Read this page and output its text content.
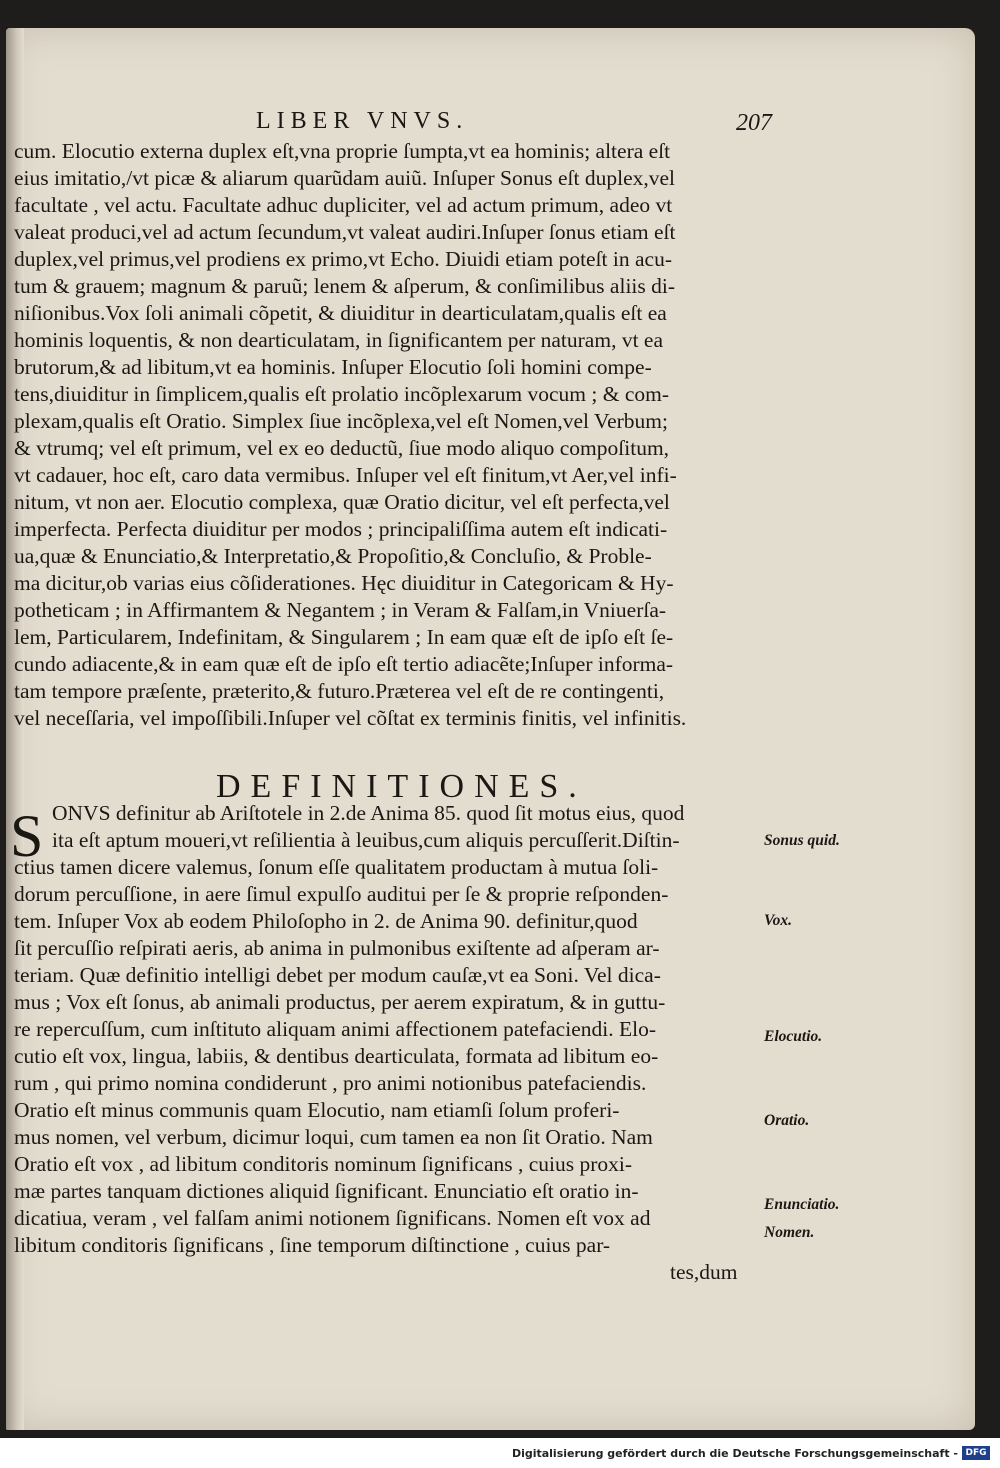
LIBER VNVS.	207
cum. Elocutio externa duplex eſt,vna proprie ſumpta,vt ea hominis; altera eſt
eius imitatio,/vt picæ & aliarum quarũdam auiũ. Inſuper Sonus eſt duplex,vel
facultate , vel actu. Facultate adhuc dupliciter, vel ad actum primum, adeo vt
valeat produci,vel ad actum ſecundum,vt valeat audiri.Inſuper ſonus etiam eſt
duplex,vel primus,vel prodiens ex primo,vt Echo. Diuidi etiam poteſt in acu-
tum & grauem; magnum & paruũ; lenem & aſperum, & conſimilibus aliis di-
niſionibus.Vox ſoli animali cõpetit, & diuiditur in dearticulatam,qualis eſt ea
hominis loquentis, & non dearticulatam, in ſignificantem per naturam, vt ea
brutorum,& ad libitum,vt ea hominis. Inſuper Elocutio ſoli homini compe-
tens,diuiditur in ſimplicem,qualis eſt prolatio incõplexarum vocum ; & com-
plexam,qualis eſt Oratio. Simplex ſiue incõplexa,vel eſt Nomen,vel Verbum;
& vtrumq; vel eſt primum, vel ex eo deductũ, ſiue modo aliquo compoſitum,
vt cadauer, hoc eſt, caro data vermibus. Inſuper vel eſt finitum,vt Aer,vel infi-
nitum, vt non aer. Elocutio complexa, quæ Oratio dicitur, vel eſt perfecta,vel
imperfecta. Perfecta diuiditur per modos ; principaliſſima autem eſt indicati-
ua,quæ & Enunciatio,& Interpretatio,& Propoſitio,& Concluſio, & Proble-
ma dicitur,ob varias eius cõſiderationes. Hęc diuiditur in Categoricam & Hy-
potheticam ; in Affirmantem & Negantem ; in Veram & Falſam,in Vniuerſa-
lem, Particularem, Indefinitam, & Singularem ; In eam quæ eſt de ipſo eſt ſe-
cundo adiacente,& in eam quæ eſt de ipſo eſt tertio adiacẽte;Inſuper informa-
tam tempore præſente, præterito,& futuro.Præterea vel eſt de re contingenti,
vel neceſſaria, vel impoſſibili.Inſuper vel cõſtat ex terminis finitis, vel infinitis.
DEFINITIONES.
S ONVS definitur ab Ariſtotele in 2.de Anima 85. quod ſit motus eius, quod
ita eſt aptum moueri,vt reſilientia à leuibus,cum aliquis percuſſerit.Diſtin-
ctius tamen dicere valemus, ſonum eſſe qualitatem productam à mutua ſoli-
dorum percuſſione, in aere ſimul expulſo auditui per ſe & proprie reſponden-
tem. Inſuper Vox ab eodem Philoſopho in 2. de Anima 90. definitur,quod
ſit percuſſio reſpirati aeris, ab anima in pulmonibus exiſtente ad aſperam ar-
teriam. Quæ definitio intelligi debet per modum cauſæ,vt ea Soni. Vel dica-
mus ; Vox eſt ſonus, ab animali productus, per aerem expiratum, & in guttu-
re repercuſſum, cum inſtituto aliquam animi affectionem patefaciendi. Elo-
cutio eſt vox, lingua, labiis, & dentibus dearticulata, formata ad libitum eo-
rum , qui primo nomina condiderunt , pro animi notionibus patefaciendis.
Oratio eſt minus communis quam Elocutio, nam etiamſi ſolum proferi-
mus nomen, vel verbum, dicimur loqui, cum tamen ea non ſit Oratio. Nam
Oratio eſt vox , ad libitum conditoris nominum ſignificans , cuius proxi-
mæ partes tanquam dictiones aliquid ſignificant. Enunciatio eſt oratio in-
dicatiua, veram , vel falſam animi notionem ſignificans. Nomen eſt vox ad
libitum conditoris ſignificans , ſine temporum diſtinctione , cuius par-
tes,dum
Sonus quid.
Vox.
Elocutio.
Oratio.
Enunciatio.
Nomen.
Digitalisierung gefördert durch die Deutsche Forschungsgemeinschaft - DFG
